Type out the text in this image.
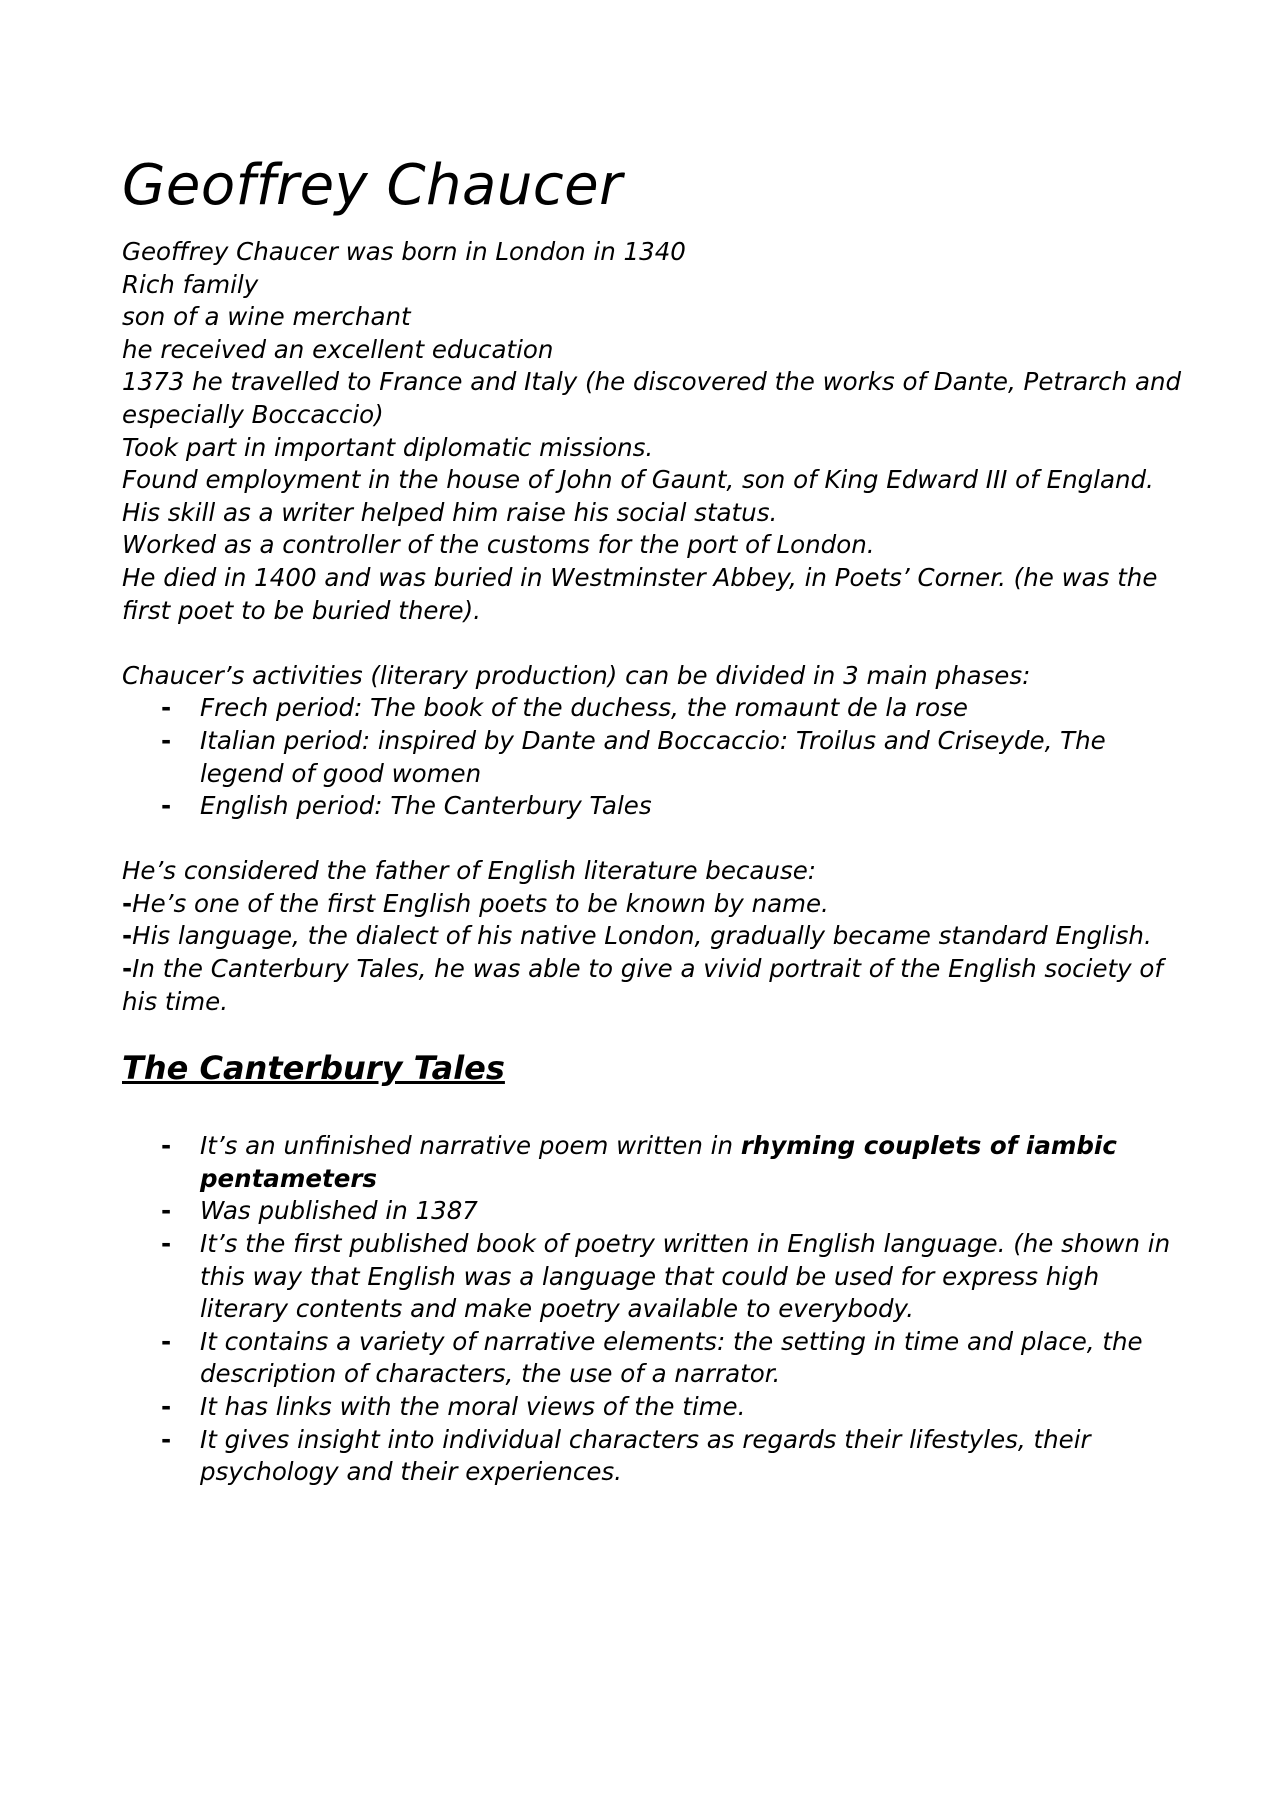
Geoffrey Chaucer

Geoffrey Chaucer was born in London in 1340

Rich family

son of a wine merchant

he received an excellent education

1373 he travelled to France and Italy (he discovered the works of Dante, Petrarch and especially Boccaccio)

Took part in important diplomatic missions.

Found employment in the house of John of Gaunt, son of King Edward III of England.

His skill as a writer helped him raise his social status.

Worked as a controller of the customs for the port of London.

He died in 1400 and was buried in Westminster Abbey, in Poets’ Corner. (he was the first poet to be buried there).

Chaucer’s activities (literary production) can be divided in 3 main phases:

- Frech period: The book of the duchess, the romaunt de la rose
- Italian period: inspired by Dante and Boccaccio: Troilus and Criseyde, The legend of good women
- English period: The Canterbury Tales

He’s considered the father of English literature because:

-He’s one of the first English poets to be known by name.

-His language, the dialect of his native London, gradually became standard English.

-In the Canterbury Tales, he was able to give a vivid portrait of the English society of his time.

The Canterbury Tales
- It’s an unfinished narrative poem written in rhyming couplets of iambic pentameters
- Was published in 1387
- It’s the first published book of poetry written in English language. (he shown in this way that English was a language that could be used for express high literary contents and make poetry available to everybody.
- It contains a variety of narrative elements: the setting in time and place, the description of characters, the use of a narrator.
- It has links with the moral views of the time.
- It gives insight into individual characters as regards their lifestyles, their psychology and their experiences.
